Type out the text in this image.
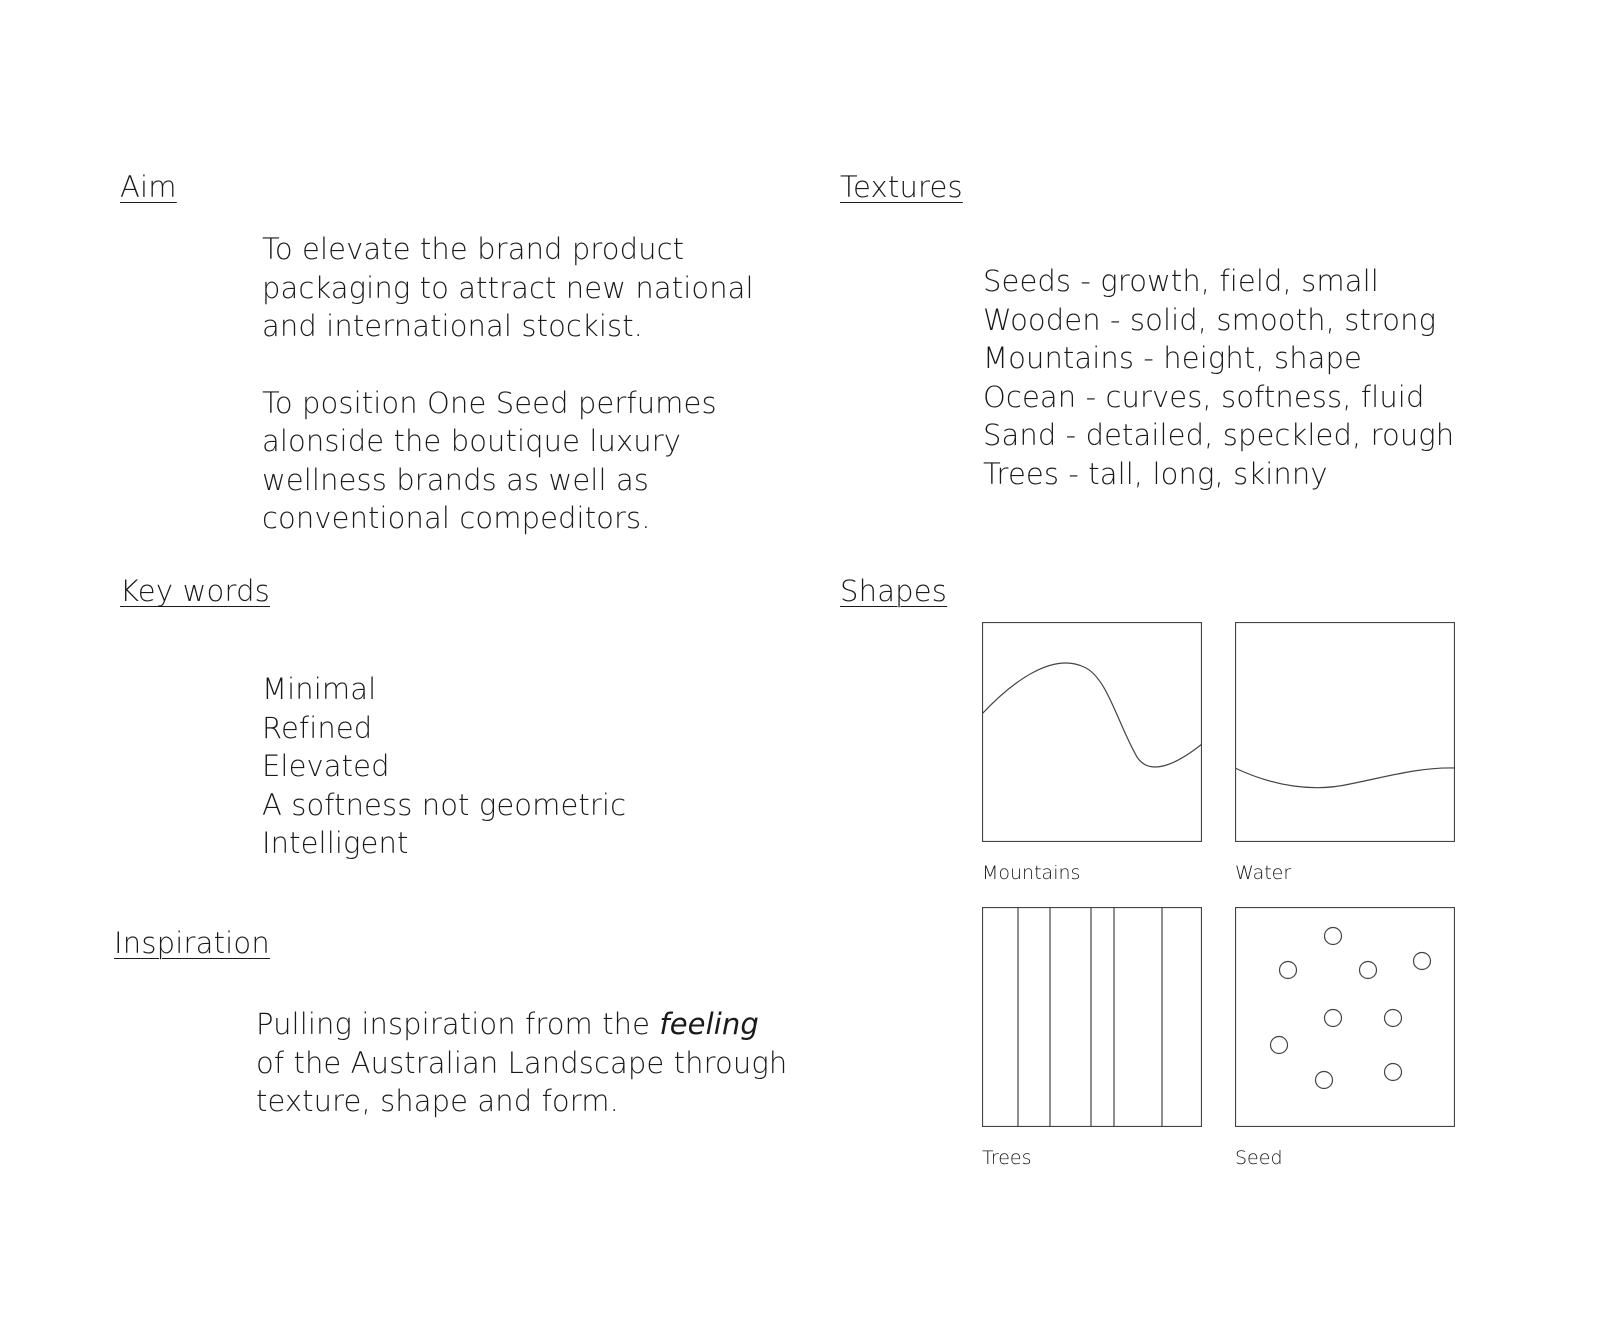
Aim

To elevate the brand product

packaging to attract new national

and international stockist.

To position One Seed perfumes

alonside the boutique luxury

wellness brands as well as

conventional compeditors.

Key words
Minimal
Refined
Elevated
A softness not geometric
Intelligent
Inspiration

Pulling inspiration from the feeling

of the Australian Landscape through

texture, shape and form.

Textures
Seeds - growth, field, small
Wooden - solid, smooth, strong
Mountains - height, shape
Ocean - curves, softness, fluid
Sand - detailed, speckled, rough
Trees - tall, long, skinny
Shapes
Mountains	Water
Trees	Seed
